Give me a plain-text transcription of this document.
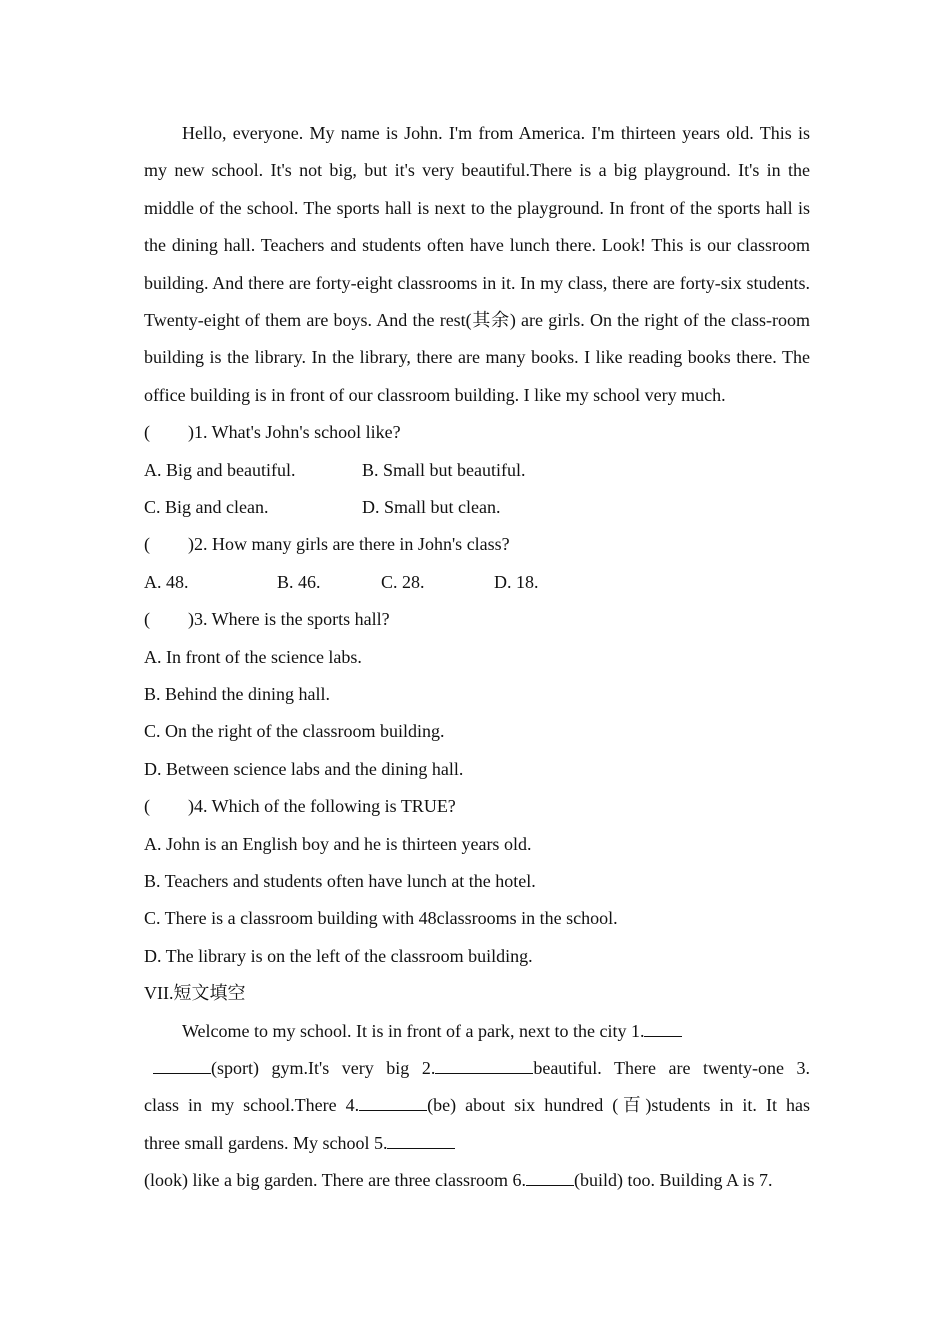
Hello, everyone. My name is John. I'm from America. I'm thirteen years old. This is my new school. It's not big, but it's very beautiful.There is a big playground. It's in the middle of the school. The sports hall is next to the playground. In front of the sports hall is the dining hall. Teachers and students often have lunch there. Look! This is our classroom building. And there are forty-eight classrooms in it. In my class, there are forty-six students. Twenty-eight of them are boys. And the rest(其余) are girls. On the right of the class-room building is the library. In the library, there are many books. I like reading books there. The office building is in front of our classroom building. I like my school very much.

(	) 1. What's John's school like?
A. Big and beautiful.	B. Small but beautiful.
C. Big and clean.	D. Small but clean.
(	) 2. How many girls are there in John's class?
A. 48.	B. 46.	C. 28.	D. 18.
(	) 3. Where is the sports hall?
A. In front of the science labs.
B. Behind the dining hall.
C. On the right of the classroom building.
D. Between science labs and the dining hall.
(	) 4. Which of the following is TRUE?
A. John is an English boy and he is thirteen years old.
B. Teachers and students often have lunch at the hotel.
C. There is a classroom building with 48classrooms in the school.
D. The library is on the left of the classroom building.
VII.短文填空

Welcome to my school. It is in front of a park, next to the city 1.

(sport) gym.It's very big 2.	beautiful. There are twenty-one 3.

class in my school.There 4.	(be) about six hundred (百)students in it. It has

three small gardens. My school 5.

(look) like a big garden. There are three classroom 6.	(build) too. Building A is 7.
